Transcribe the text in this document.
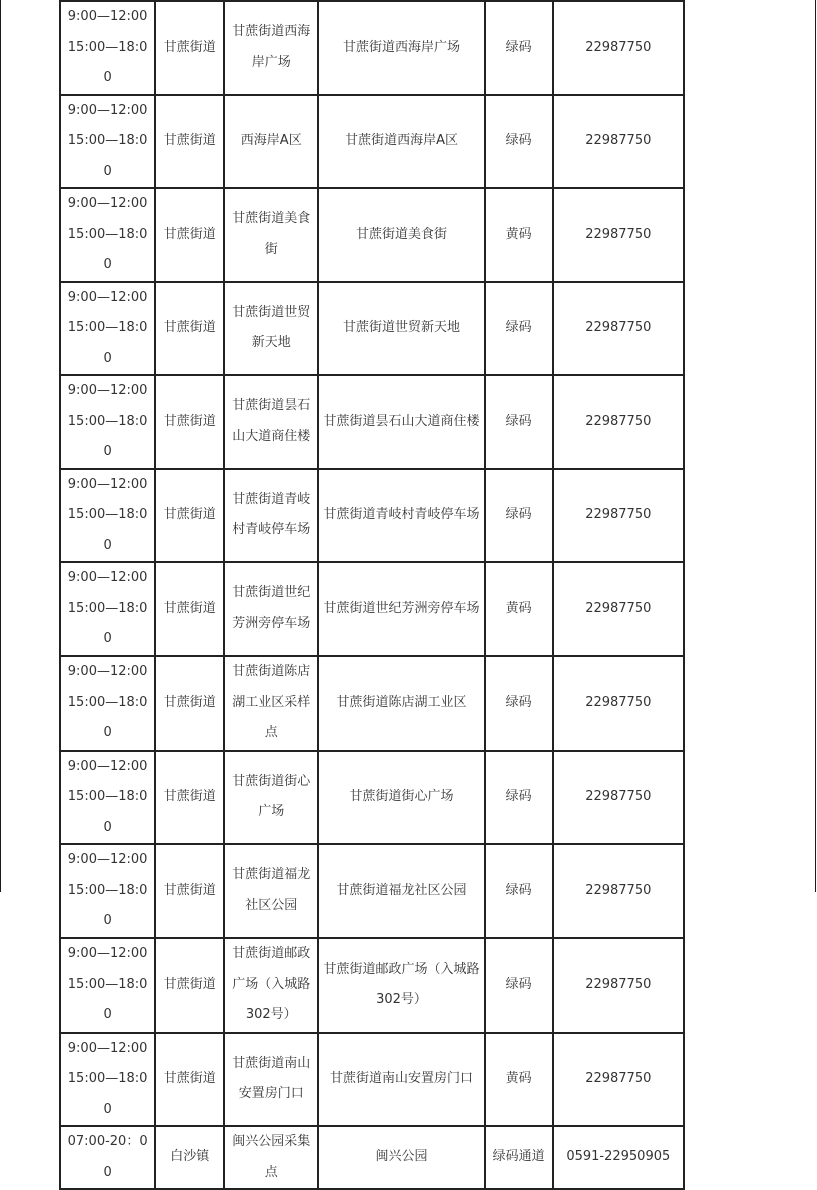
9:00—12:00
15:00—18:00	甘蔗街道	甘蔗街道西海岸广场	甘蔗街道西海岸广场	绿码	22987750

9:00—12:00
15:00—18:00	甘蔗街道	西海岸A区	甘蔗街道西海岸A区	绿码	22987750

9:00—12:00
15:00—18:00	甘蔗街道	甘蔗街道美食街	甘蔗街道美食街	黄码	22987750

9:00—12:00
15:00—18:00	甘蔗街道	甘蔗街道世贸新天地	甘蔗街道世贸新天地	绿码	22987750

9:00—12:00
15:00—18:00	甘蔗街道	甘蔗街道昙石山大道商住楼	甘蔗街道昙石山大道商住楼	绿码	22987750

9:00—12:00
15:00—18:00	甘蔗街道	甘蔗街道青岐村青岐停车场	甘蔗街道青岐村青岐停车场	绿码	22987750

9:00—12:00
15:00—18:00	甘蔗街道	甘蔗街道世纪芳洲旁停车场	甘蔗街道世纪芳洲旁停车场	黄码	22987750

9:00—12:00
15:00—18:00	甘蔗街道	甘蔗街道陈店湖工业区采样点	甘蔗街道陈店湖工业区	绿码	22987750

9:00—12:00
15:00—18:00	甘蔗街道	甘蔗街道街心广场	甘蔗街道街心广场	绿码	22987750

9:00—12:00
15:00—18:00	甘蔗街道	甘蔗街道福龙社区公园	甘蔗街道福龙社区公园	绿码	22987750

9:00—12:00
15:00—18:00	甘蔗街道	甘蔗街道邮政广场（入城路302号）	甘蔗街道邮政广场（入城路302号）	绿码	22987750

9:00—12:00
15:00—18:00	甘蔗街道	甘蔗街道南山安置房门口	甘蔗街道南山安置房门口	黄码	22987750

07:00-20：00	白沙镇	闽兴公园采集点	闽兴公园	绿码通道	0591-22950905
